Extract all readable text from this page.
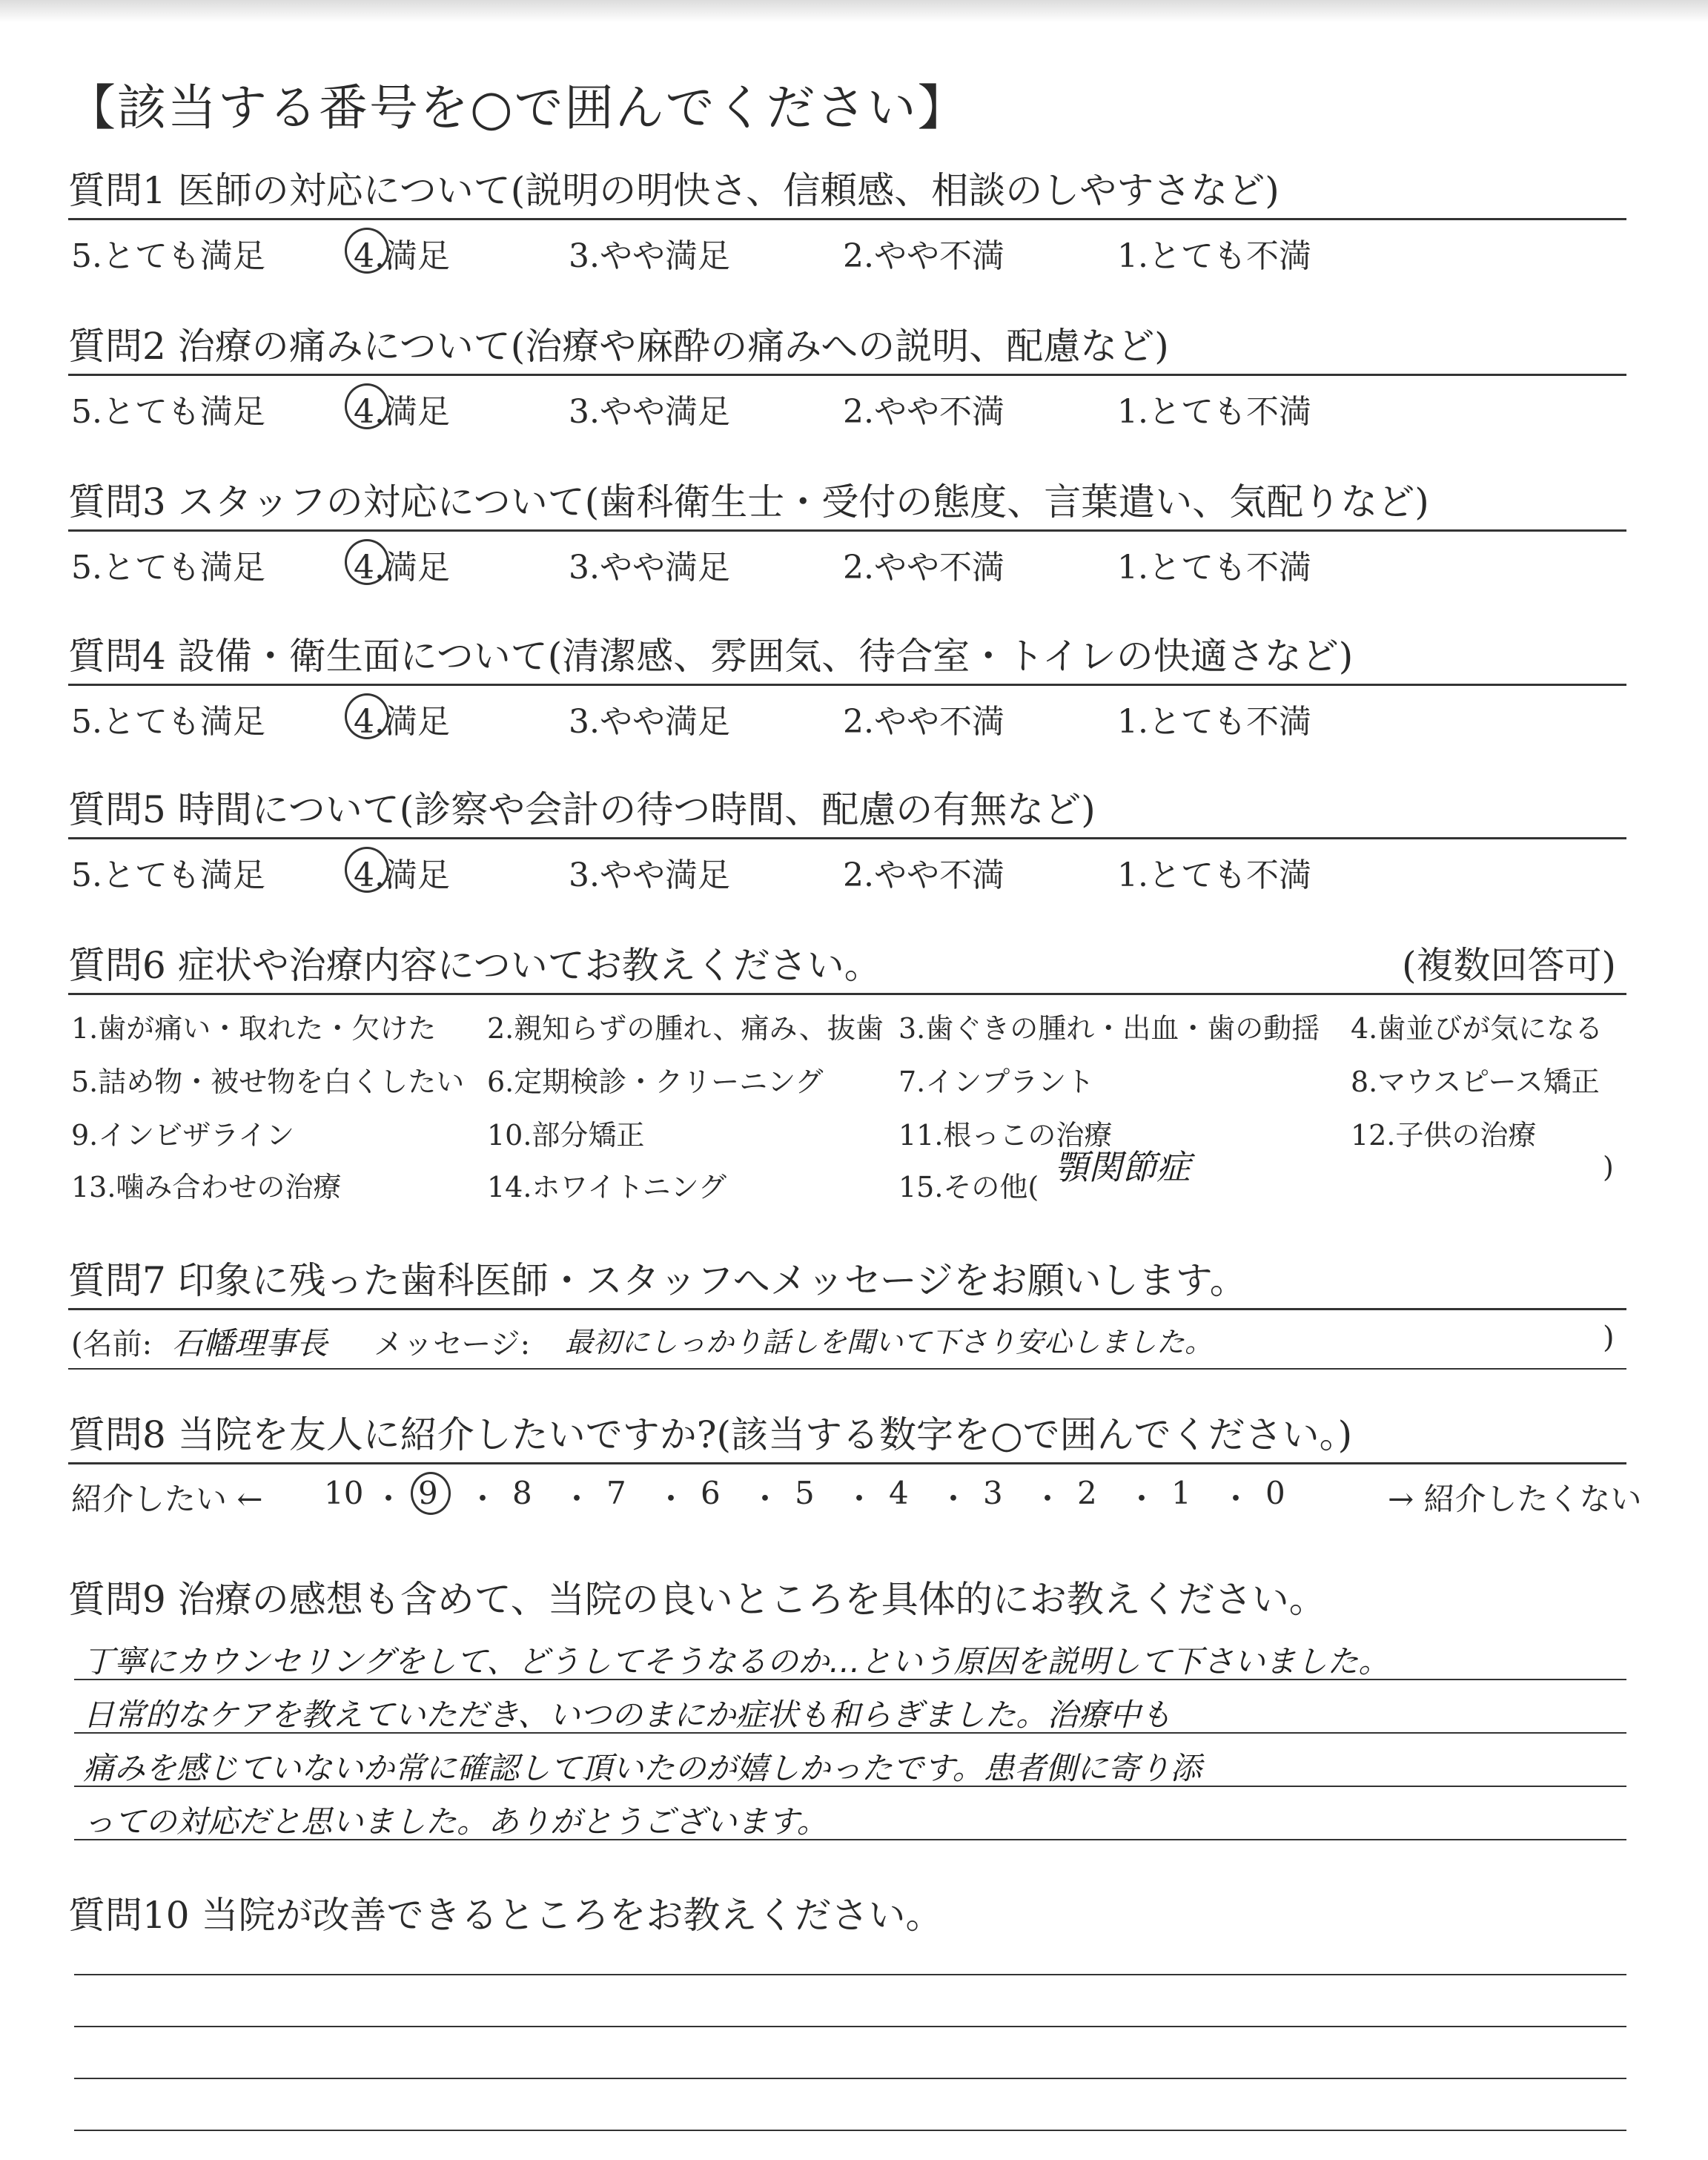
【該当する番号を○で囲んでください】
質問1 医師の対応について(説明の明快さ、信頼感、相談のしやすさなど)
5.とても満足	4.満足	3.やや満足	2.やや不満	1.とても不満
質問2 治療の痛みについて(治療や麻酔の痛みへの説明、配慮など)
5.とても満足	4.満足	3.やや満足	2.やや不満	1.とても不満
質問3 スタッフの対応について(歯科衛生士・受付の態度、言葉遣い、気配りなど)
5.とても満足	4.満足	3.やや満足	2.やや不満	1.とても不満
質問4 設備・衛生面について(清潔感、雰囲気、待合室・トイレの快適さなど)
5.とても満足	4.満足	3.やや満足	2.やや不満	1.とても不満
質問5 時間について(診察や会計の待つ時間、配慮の有無など)
5.とても満足	4.満足	3.やや満足	2.やや不満	1.とても不満
質問6 症状や治療内容についてお教えください。	(複数回答可)
顎関節症	)
1.歯が痛い・取れた・欠けた 2.親知らずの腫れ、痛み、抜歯 3.歯ぐきの腫れ・出血・歯の動揺 4.歯並びが気になる
5.詰め物・被せ物を白くしたい 6.定期検診・クリーニング	7.インプラント	8.マウスピース矯正
9.インビザライン	10.部分矯正	11.根っこの治療	12.子供の治療
13.噛み合わせの治療	14.ホワイトニング	15.その他(
質問7 印象に残った歯科医師・スタッフへメッセージをお願いします。
(名前: 石幡理事長 メッセージ: 最初にしっかり話しを聞いて下さり安心しました。	)
質問8 当院を友人に紹介したいですか?(該当する数字を○で囲んでください。)
紹介したい ←	→ 紹介したくない
10 ・ 9 ・ 8 ・ 7 ・ 6 ・ 5 ・ 4 ・ 3 ・ 2 ・ 1 ・ 0
質問9 治療の感想も含めて、当院の良いところを具体的にお教えください。
丁寧にカウンセリングをして、どうしてそうなるのか…という原因を説明して下さいました。
日常的なケアを教えていただき、いつのまにか症状も和らぎました。治療中も
痛みを感じていないか常に確認して頂いたのが嬉しかったです。患者側に寄り添
っての対応だと思いました。ありがとうございます。
質問10 当院が改善できるところをお教えください。
